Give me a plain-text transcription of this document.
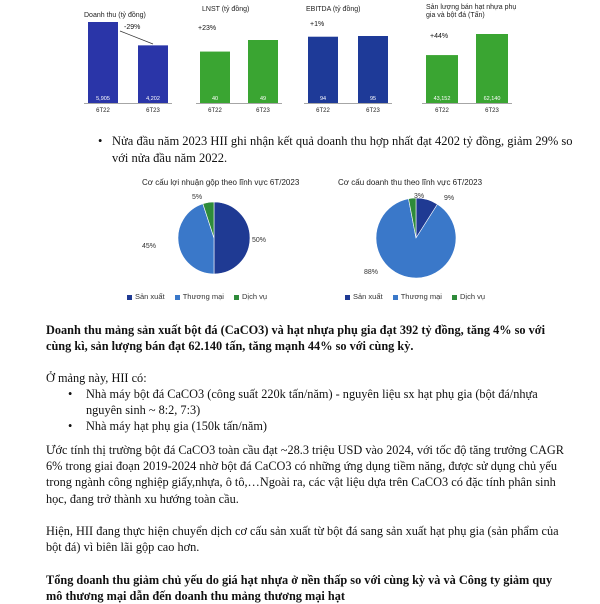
Doanh thu (tỷ đồng)
5,905
6T22
4,202
6T23
-29%
LNST (tỷ đồng)
40
6T22
49
6T23
+23%
EBITDA (tỷ đồng)
94
6T22
95
6T23
+1%
Sản lượng bán hạt nhựa phụ gia và bột đá (Tấn)
43,152
6T22
62,140
6T23
+44%
• Nửa đầu năm 2023 HII ghi nhận kết quả doanh thu hợp nhất đạt 4202 tỷ đồng, giảm 29% so với nửa đầu năm 2022.
Cơ cấu lợi nhuận gộp theo lĩnh vực 6T/2023
50%
45%
5%
Sản xuất Thương mại Dịch vụ
Cơ cấu doanh thu theo lĩnh vực 6T/2023
9%
88%
3%
Sản xuất Thương mại Dịch vụ
Doanh thu mảng sản xuất bột đá (CaCO3) và hạt nhựa phụ gia đạt 392 tỷ đồng, tăng 4% so với cùng kì, sản lượng bán đạt 62.140 tấn, tăng mạnh 44% so với cùng kỳ.
Ở mảng này, HII có:
• Nhà máy bột đá CaCO3 (công suất 220k tấn/năm) - nguyên liệu sx hạt phụ gia (bột đá/nhựa nguyên sinh ~ 8:2, 7:3)
• Nhà máy hạt phụ gia (150k tấn/năm)
Ước tính thị trường bột đá CaCO3 toàn cầu đạt ~28.3 triệu USD vào 2024, với tốc độ tăng trưởng CAGR 6% trong giai đoạn 2019-2024 nhờ bột đá CaCO3 có những ứng dụng tiềm năng, được sử dụng chủ yếu trong ngành công nghiệp giấy,nhựa, ô tô,…Ngoài ra, các vật liệu dựa trên CaCO3 có đặc tính phân sinh học, đang trở thành xu hướng toàn cầu.
Hiện, HII đang thực hiện chuyển dịch cơ cấu sản xuất từ bột đá sang sản xuất hạt phụ gia (sản phẩm của bột đá) vì biên lãi gộp cao hơn.
Tổng doanh thu giảm chủ yếu do giá hạt nhựa ở nền thấp so với cùng kỳ và và Công ty giảm quy mô thương mại dẫn đến doanh thu mảng thương mại hạt
